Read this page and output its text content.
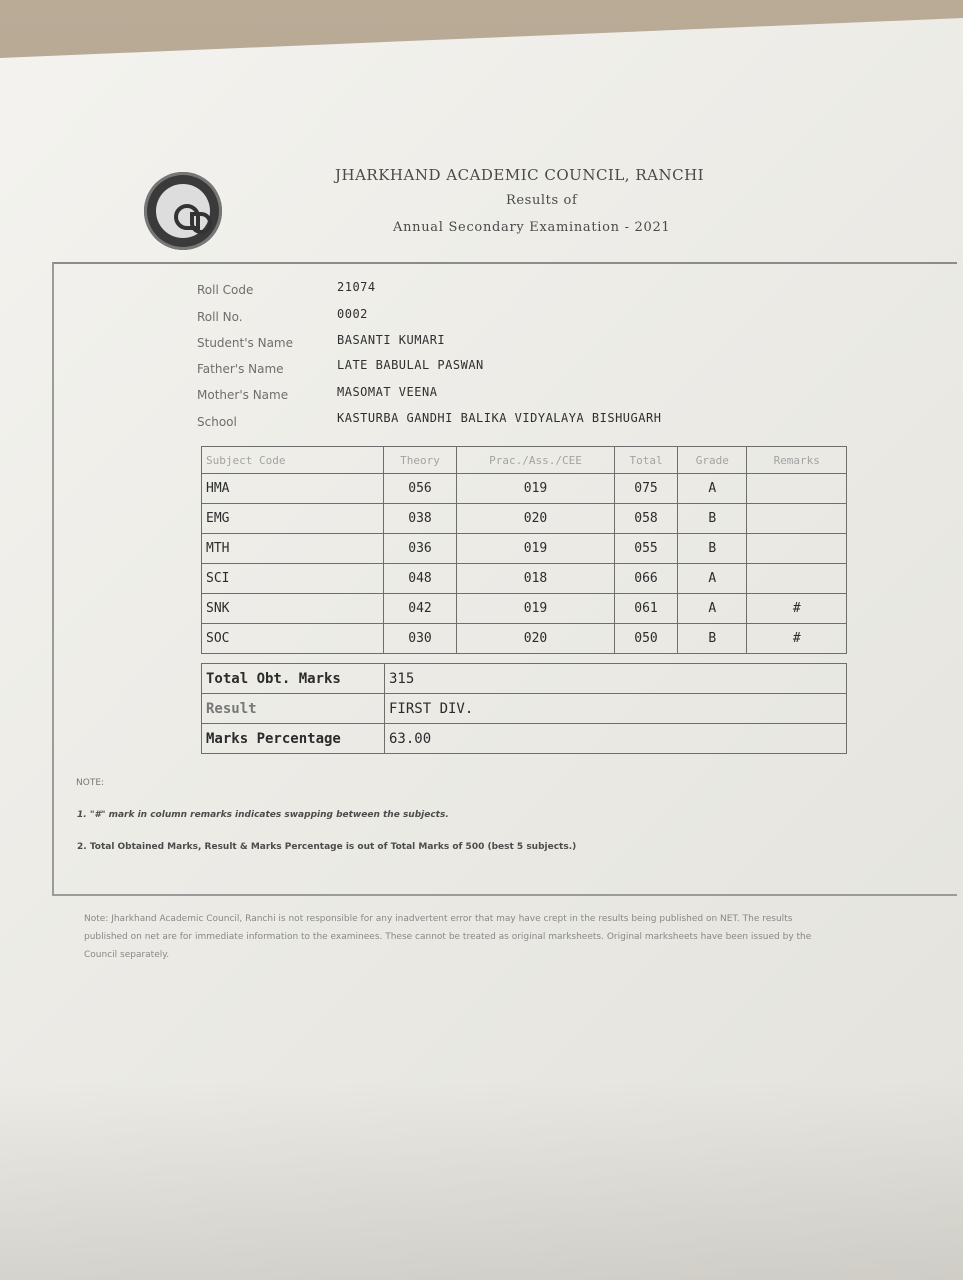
JHARKHAND ACADEMIC COUNCIL, RANCHI
Results of
Annual Secondary Examination - 2021
Roll Code	21074
Roll No.	0002
Student's Name	BASANTI KUMARI
Father's Name	LATE BABULAL PASWAN
Mother's Name	MASOMAT VEENA
School	KASTURBA GANDHI BALIKA VIDYALAYA BISHUGARH
Subject Code	Theory	Prac./Ass./CEE	Total	Grade	Remarks
HMA	056	019	075	A	
EMG	038	020	058	B	
MTH	036	019	055	B	
SCI	048	018	066	A	
SNK	042	019	061	A	#
SOC	030	020	050	B	#
Total Obt. Marks	315
Result	FIRST DIV.
Marks Percentage	63.00
NOTE:
1. "#" mark in column remarks indicates swapping between the subjects.
2. Total Obtained Marks, Result & Marks Percentage is out of Total Marks of 500 (best 5 subjects.)
Note: Jharkhand Academic Council, Ranchi is not responsible for any inadvertent error that may have crept in the results being published on NET. The results
published on net are for immediate information to the examinees. These cannot be treated as original marksheets. Original marksheets have been issued by the
Council separately.
